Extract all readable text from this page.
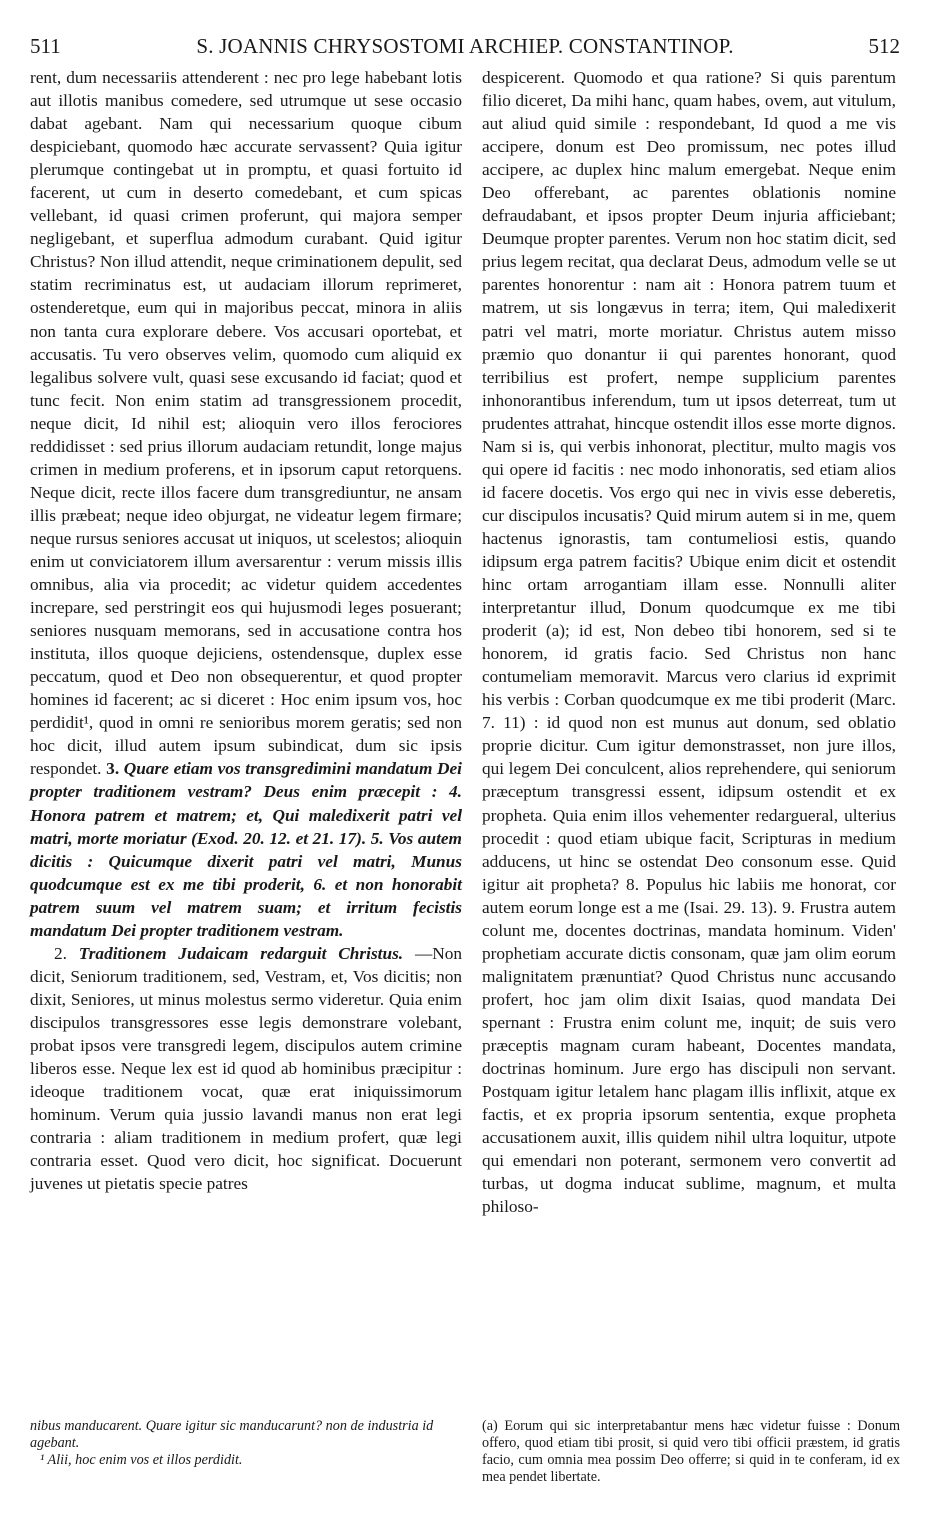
511	S. JOANNIS CHRYSOSTOMI ARCHIEP. CONSTANTINOP.	512

rent, dum necessariis attenderent : nec pro lege habebant lotis aut illotis manibus comedere, sed utrumque ut sese occasio dabat agebant. Nam qui necessarium quoque cibum despiciebant, quomodo hæc accurate servassent? Quia igitur plerumque contingebat ut in promptu, et quasi fortuito id facerent, ut cum in deserto comedebant, et cum spicas vellebant, id quasi crimen proferunt, qui majora semper negligebant, et superflua admodum curabant. Quid igitur Christus? Non illud attendit, neque criminationem depulit, sed statim recriminatus est, ut audaciam illorum reprimeret, ostenderetque, eum qui in majoribus peccat, minora in aliis non tanta cura explorare debere. Vos accusari oportebat, et accusatis. Tu vero observes velim, quomodo cum aliquid ex legalibus solvere vult, quasi sese excusando id faciat; quod et tunc fecit. Non enim statim ad transgressionem procedit, neque dicit, Id nihil est; alioquin vero illos ferociores reddidisset : sed prius illorum audaciam retundit, longe majus crimen in medium proferens, et in ipsorum caput retorquens. Neque dicit, recte illos facere dum transgrediuntur, ne ansam illis præbeat; neque ideo objurgat, ne videatur legem firmare; neque rursus seniores accusat ut iniquos, ut scelestos; alioquin enim ut conviciatorem illum aversarentur : verum missis illis omnibus, alia via procedit; ac videtur quidem accedentes increpare, sed perstringit eos qui hujusmodi leges posuerant; seniores nusquam memorans, sed in accusatione contra hos instituta, illos quoque dejiciens, ostendensque, duplex esse peccatum, quod et Deo non obsequerentur, et quod propter homines id facerent; ac si diceret : Hoc enim ipsum vos, hoc perdidit¹, quod in omni re senioribus morem geratis; sed non hoc dicit, illud autem ipsum subindicat, dum sic ipsis respondet. 3. Quare etiam vos transgredimini mandatum Dei propter traditionem vestram? Deus enim præcepit : 4. Honora patrem et matrem; et, Qui maledixerit patri vel matri, morte moriatur (Exod. 20. 12. et 21. 17). 5. Vos autem dicitis : Quicumque dixerit patri vel matri, Munus quodcumque est ex me tibi proderit, 6. et non honorabit patrem suum vel matrem suam; et irritum fecistis mandatum Dei propter traditionem vestram.

2. Traditionem Judaicam redarguit Christus. —Non dicit, Seniorum traditionem, sed, Vestram, et, Vos dicitis; non dixit, Seniores, ut minus molestus sermo videretur. Quia enim discipulos transgressores esse legis demonstrare volebant, probat ipsos vere transgredi legem, discipulos autem crimine liberos esse. Neque lex est id quod ab hominibus præcipitur : ideoque traditionem vocat, quæ erat iniquissimorum hominum. Verum quia jussio lavandi manus non erat legi contraria : aliam traditionem in medium profert, quæ legi contraria esset. Quod vero dicit, hoc significat. Docuerunt juvenes ut pietatis specie patres

despicerent. Quomodo et qua ratione? Si quis parentum filio diceret, Da mihi hanc, quam habes, ovem, aut vitulum, aut aliud quid simile : respondebant, Id quod a me vis accipere, donum est Deo promissum, nec potes illud accipere, ac duplex hinc malum emergebat. Neque enim Deo offerebant, ac parentes oblationis nomine defraudabant, et ipsos propter Deum injuria afficiebant; Deumque propter parentes. Verum non hoc statim dicit, sed prius legem recitat, qua declarat Deus, admodum velle se ut parentes honorentur : nam ait : Honora patrem tuum et matrem, ut sis longævus in terra; item, Qui maledixerit patri vel matri, morte moriatur. Christus autem misso præmio quo donantur ii qui parentes honorant, quod terribilius est profert, nempe supplicium parentes inhonorantibus inferendum, tum ut ipsos deterreat, tum ut prudentes attrahat, hincque ostendit illos esse morte dignos. Nam si is, qui verbis inhonorat, plectitur, multo magis vos qui opere id facitis : nec modo inhonoratis, sed etiam alios id facere docetis. Vos ergo qui nec in vivis esse deberetis, cur discipulos incusatis? Quid mirum autem si in me, quem hactenus ignorastis, tam contumeliosi estis, quando idipsum erga patrem facitis? Ubique enim dicit et ostendit hinc ortam arrogantiam illam esse. Nonnulli aliter interpretantur illud, Donum quodcumque ex me tibi proderit (a); id est, Non debeo tibi honorem, sed si te honorem, id gratis facio. Sed Christus non hanc contumeliam memoravit. Marcus vero clarius id exprimit his verbis : Corban quodcumque ex me tibi proderit (Marc. 7. 11) : id quod non est munus aut donum, sed oblatio proprie dicitur. Cum igitur demonstrasset, non jure illos, qui legem Dei conculcent, alios reprehendere, qui seniorum præceptum transgressi essent, idipsum ostendit et ex propheta. Quia enim illos vehementer redargueral, ulterius procedit : quod etiam ubique facit, Scripturas in medium adducens, ut hinc se ostendat Deo consonum esse. Quid igitur ait propheta? 8. Populus hic labiis me honorat, cor autem eorum longe est a me (Isai. 29. 13). 9. Frustra autem colunt me, docentes doctrinas, mandata hominum. Viden' prophetiam accurate dictis consonam, quæ jam olim eorum malignitatem prænuntiat? Quod Christus nunc accusando profert, hoc jam olim dixit Isaias, quod mandata Dei spernant : Frustra enim colunt me, inquit; de suis vero præceptis magnam curam habeant, Docentes mandata, doctrinas hominum. Jure ergo has discipuli non servant. Postquam igitur letalem hanc plagam illis inflixit, atque ex factis, et ex propria ipsorum sententia, exque propheta accusationem auxit, illis quidem nihil ultra loquitur, utpote qui emendari non poterant, sermonem vero convertit ad turbas, ut dogma inducat sublime, magnum, et multa philoso-

nibus manducarent. Quare igitur sic manducarunt? non de industria id agebant.

¹ Alii, hoc enim vos et illos perdidit.

(a) Eorum qui sic interpretabantur mens hæc videtur fuisse : Donum offero, quod etiam tibi prosit, si quid vero tibi officii præstem, id gratis facio, cum omnia mea possim Deo offerre; si quid in te conferam, id ex mea pendet libertate.
